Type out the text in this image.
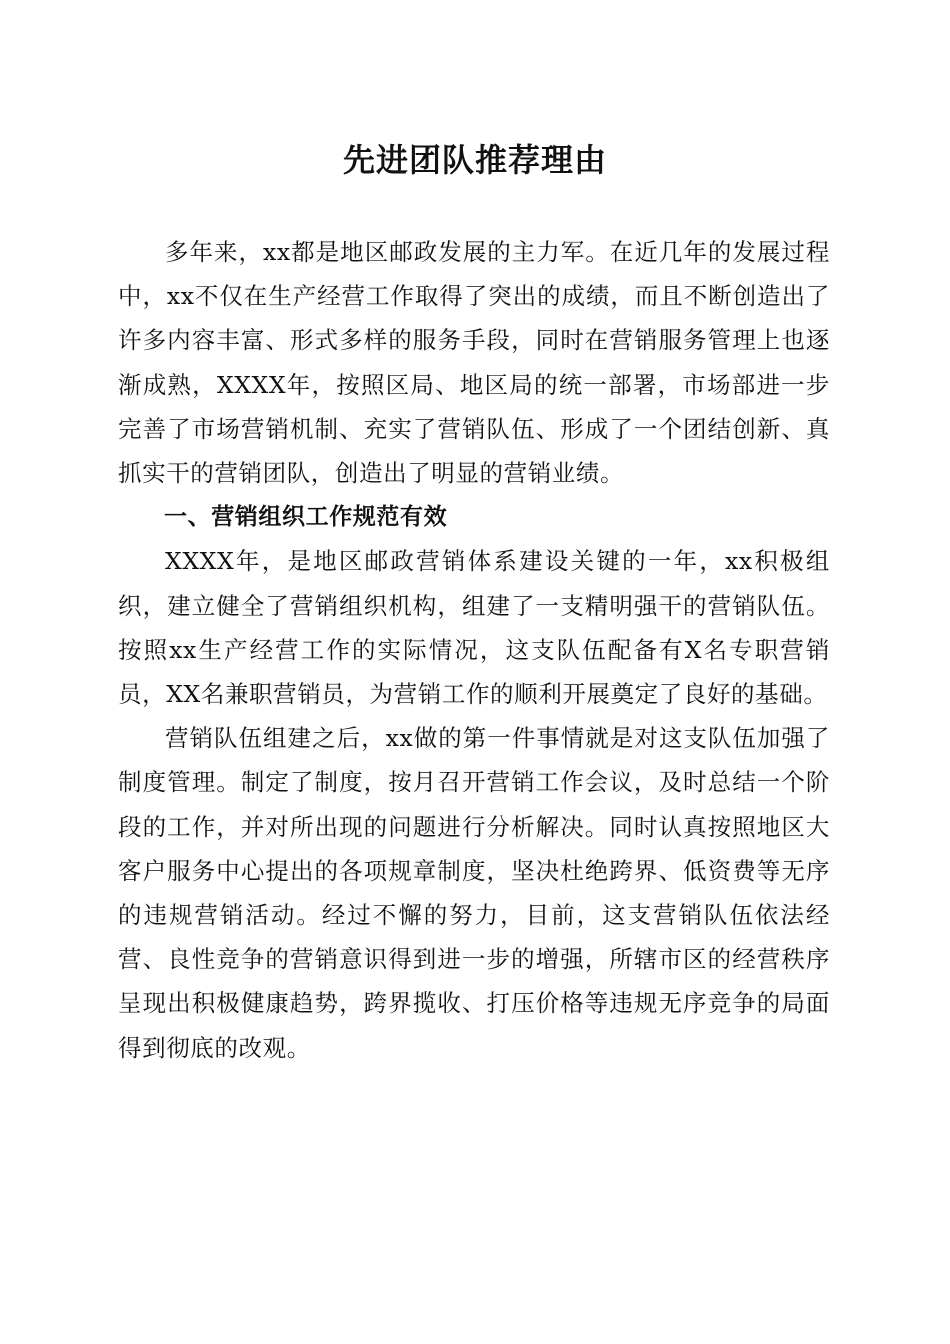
先进团队推荐理由

多年来，xx都是地区邮政发展的主力军。在近几年的发展过程中，xx不仅在生产经营工作取得了突出的成绩，而且不断创造出了许多内容丰富、形式多样的服务手段，同时在营销服务管理上也逐渐成熟，XXXX年，按照区局、地区局的统一部署，市场部进一步完善了市场营销机制、充实了营销队伍、形成了一个团结创新、真抓实干的营销团队，创造出了明显的营销业绩。

一、营销组织工作规范有效

XXXX年，是地区邮政营销体系建设关键的一年，xx积极组织，建立健全了营销组织机构，组建了一支精明强干的营销队伍。按照xx生产经营工作的实际情况，这支队伍配备有X名专职营销员，XX名兼职营销员，为营销工作的顺利开展奠定了良好的基础。

营销队伍组建之后，xx做的第一件事情就是对这支队伍加强了制度管理。制定了制度，按月召开营销工作会议，及时总结一个阶段的工作，并对所出现的问题进行分析解决。同时认真按照地区大客户服务中心提出的各项规章制度，坚决杜绝跨界、低资费等无序的违规营销活动。经过不懈的努力，目前，这支营销队伍依法经营、良性竞争的营销意识得到进一步的增强，所辖市区的经营秩序呈现出积极健康趋势，跨界揽收、打压价格等违规无序竞争的局面得到彻底的改观。
